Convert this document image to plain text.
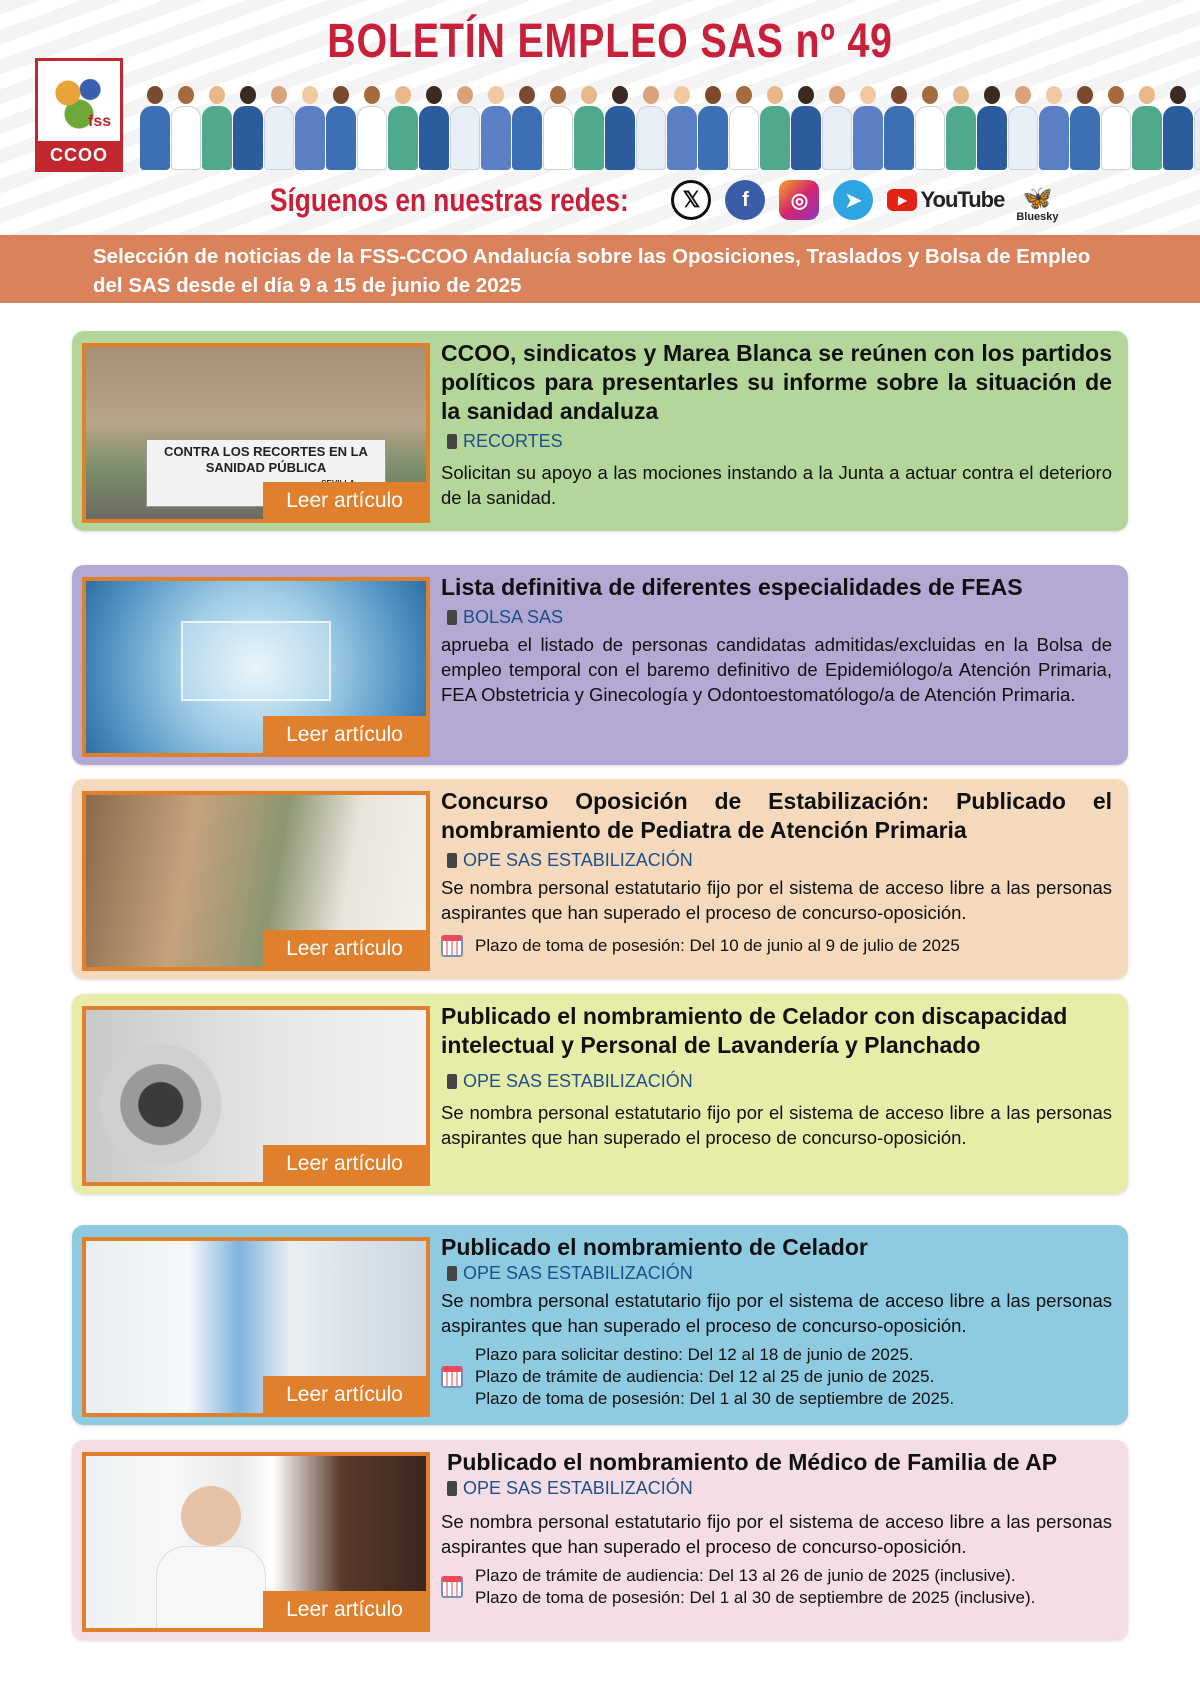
fss
CCOO
BOLETÍN EMPLEO SAS nº 49
Síguenos en nuestras redes:	𝕏	f	◎	➤	▶ YouTube 🦋
Bluesky
Selección de noticias de la FSS-CCOO Andalucía sobre las Oposiciones, Traslados y Bolsa de Empleo
del SAS desde el día 9 a 15 de junio de 2025
CONTRA LOS RECORTES EN LA
SANIDAD PÚBLICA
Leer artículo
CCOO, sindicatos y Marea Blanca se reúnen con los partidos políticos para presentarles su informe sobre la situación de la sanidad andaluza
RECORTES
Solicitan su apoyo a las mociones instando a la Junta a actuar contra el deterioro de la sanidad.
Leer artículo
Lista definitiva de diferentes especialidades de FEAS
BOLSA SAS
aprueba el listado de personas candidatas admitidas/excluidas en la Bolsa de empleo temporal con el baremo definitivo de Epidemiólogo/a Atención Primaria, FEA Obstetricia y Ginecología y Odontoestomatólogo/a de Atención Primaria.
Leer artículo
Concurso Oposición de Estabilización: Publicado el nombramiento de Pediatra de Atención Primaria
OPE SAS ESTABILIZACIÓN
Se nombra personal estatutario fijo por el sistema de acceso libre a las personas aspirantes que han superado el proceso de concurso-oposición.
Plazo de toma de posesión: Del 10 de junio al 9 de julio de 2025
Leer artículo
Publicado el nombramiento de Celador con discapacidad intelectual y Personal de Lavandería y Planchado
OPE SAS ESTABILIZACIÓN
Se nombra personal estatutario fijo por el sistema de acceso libre a las personas aspirantes que han superado el proceso de concurso-oposición.
Leer artículo
Publicado el nombramiento de Celador
OPE SAS ESTABILIZACIÓN
Se nombra personal estatutario fijo por el sistema de acceso libre a las personas aspirantes que han superado el proceso de concurso-oposición.
Plazo para solicitar destino: Del 12 al 18 de junio de 2025.
Plazo de trámite de audiencia: Del 12 al 25 de junio de 2025.
Plazo de toma de posesión: Del 1 al 30 de septiembre de 2025.
Leer artículo
Publicado el nombramiento de Médico de Familia de AP
OPE SAS ESTABILIZACIÓN
Se nombra personal estatutario fijo por el sistema de acceso libre a las personas aspirantes que han superado el proceso de concurso-oposición.
Plazo de trámite de audiencia: Del 13 al 26 de junio de 2025 (inclusive).
Plazo de toma de posesión: Del 1 al 30 de septiembre de 2025 (inclusive).
